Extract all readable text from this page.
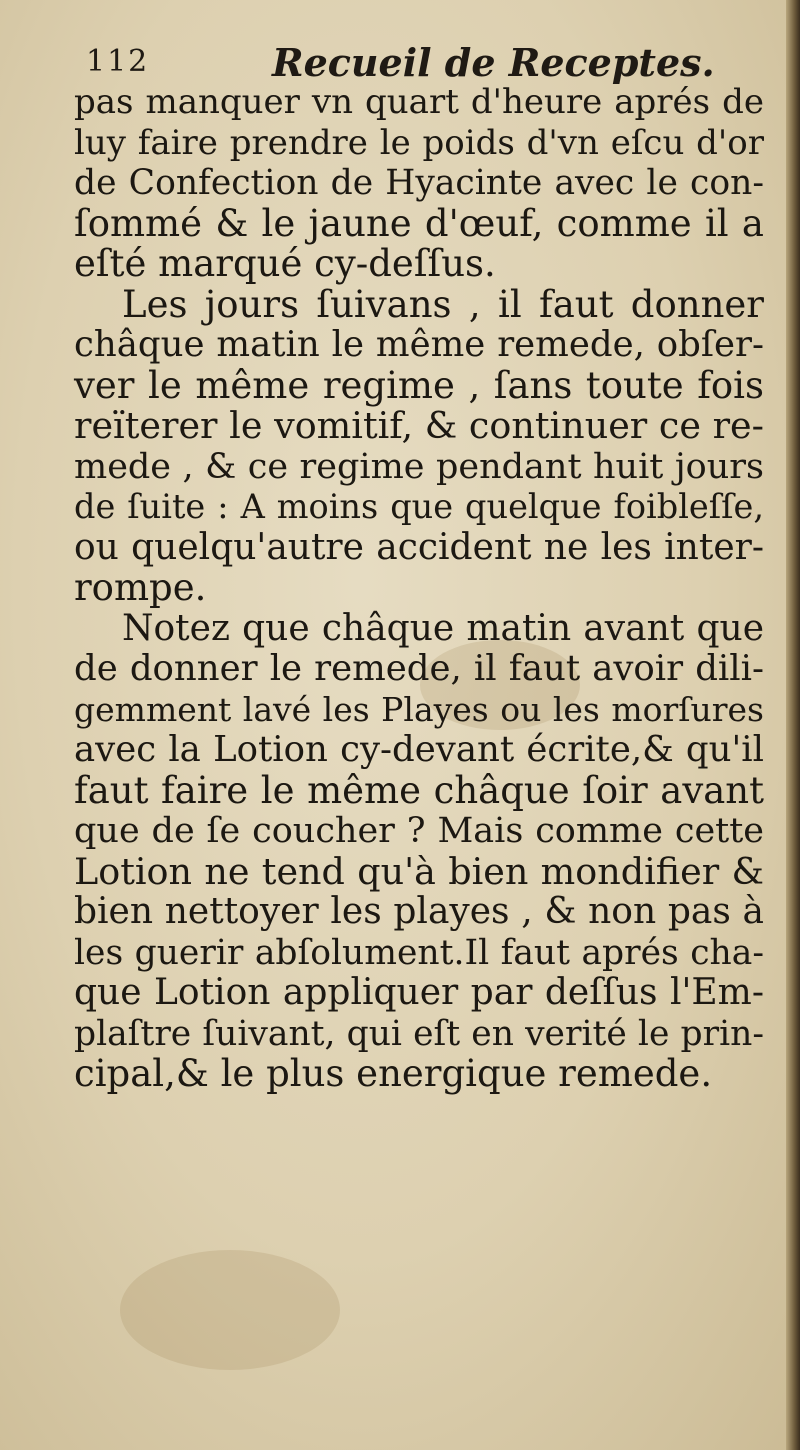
112	Recueil de Receptes.
pas manquer vn quart d'heure aprés de
luy faire prendre le poids d'vn eſcu d'or
de Confection de Hyacinte avec le con-
ſommé & le jaune d'œuf, comme il a
eſté marqué cy-deſſus.
Les jours ſuivans , il faut donner
châque matin le même remede, obſer-
ver le même regime , ſans toute fois
reïterer le vomitif, & continuer ce re-
mede , & ce regime pendant huit jours
de ſuite : A moins que quelque foibleſſe,
ou quelqu'autre accident ne les inter-
rompe.
Notez que châque matin avant que
de donner le remede, il faut avoir dili-
gemment lavé les Playes ou les morſures
avec la Lotion cy-devant écrite,& qu'il
faut faire le même châque ſoir avant
que de ſe coucher ? Mais comme cette
Lotion ne tend qu'à bien mondifier &
bien nettoyer les playes , & non pas à
les guerir abſolument.Il faut aprés cha-
que Lotion appliquer par deſſus l'Em-
plaſtre ſuivant, qui eſt en verité le prin-
cipal,& le plus energique remede.
